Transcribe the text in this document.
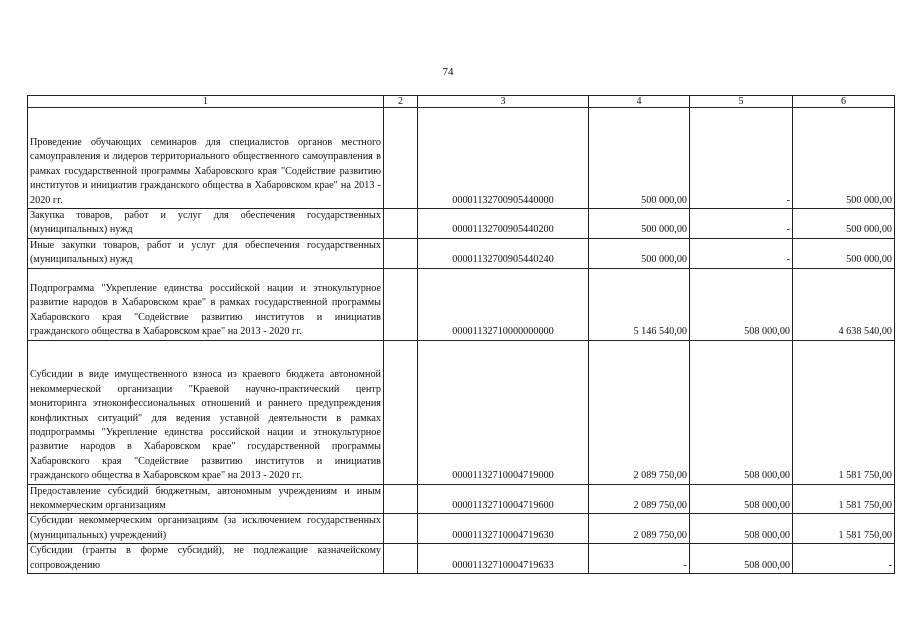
74
1	2	3	4	5	6
Проведение обучающих семинаров для специалистов органов местного самоуправления и лидеров территориального общественного самоуправления в рамках государственной программы Хабаровского края "Содействие развитию институтов и инициатив гражданского общества в Хабаровском крае" на 2013 - 2020 гг.		00001132700905440000	500 000,00	-	500 000,00
Закупка товаров, работ и услуг для обеспечения государственных (муниципальных) нужд		00001132700905440200	500 000,00	-	500 000,00
Иные закупки товаров, работ и услуг для обеспечения государственных (муниципальных) нужд		00001132700905440240	500 000,00	-	500 000,00
Подпрограмма "Укрепление единства российской нации и этнокультурное развитие народов в Хабаровском крае" в рамках государственной программы Хабаровского края "Содействие развитию институтов и инициатив гражданского общества в Хабаровском крае" на 2013 - 2020 гг.		00001132710000000000	5 146 540,00	508 000,00	4 638 540,00
Субсидии в виде имущественного взноса из краевого бюджета автономной некоммерческой организации "Краевой научно-практический центр мониторинга этноконфессиональных отношений и раннего предупреждения конфликтных ситуаций" для ведения уставной деятельности в рамках подпрограммы "Укрепление единства российской нации и этнокультурное развитие народов в Хабаровском крае" государственной программы Хабаровского края "Содействие развитию институтов и инициатив гражданского общества в Хабаровском крае" на 2013 - 2020 гг.		00001132710004719000	2 089 750,00	508 000,00	1 581 750,00
Предоставление субсидий бюджетным, автономным учреждениям и иным некоммерческим организациям		00001132710004719600	2 089 750,00	508 000,00	1 581 750,00
Субсидии некоммерческим организациям (за исключением государственных (муниципальных) учреждений)		00001132710004719630	2 089 750,00	508 000,00	1 581 750,00
Субсидии (гранты в форме субсидий), не подлежащие казначейскому сопровождению		00001132710004719633	-	508 000,00	-
